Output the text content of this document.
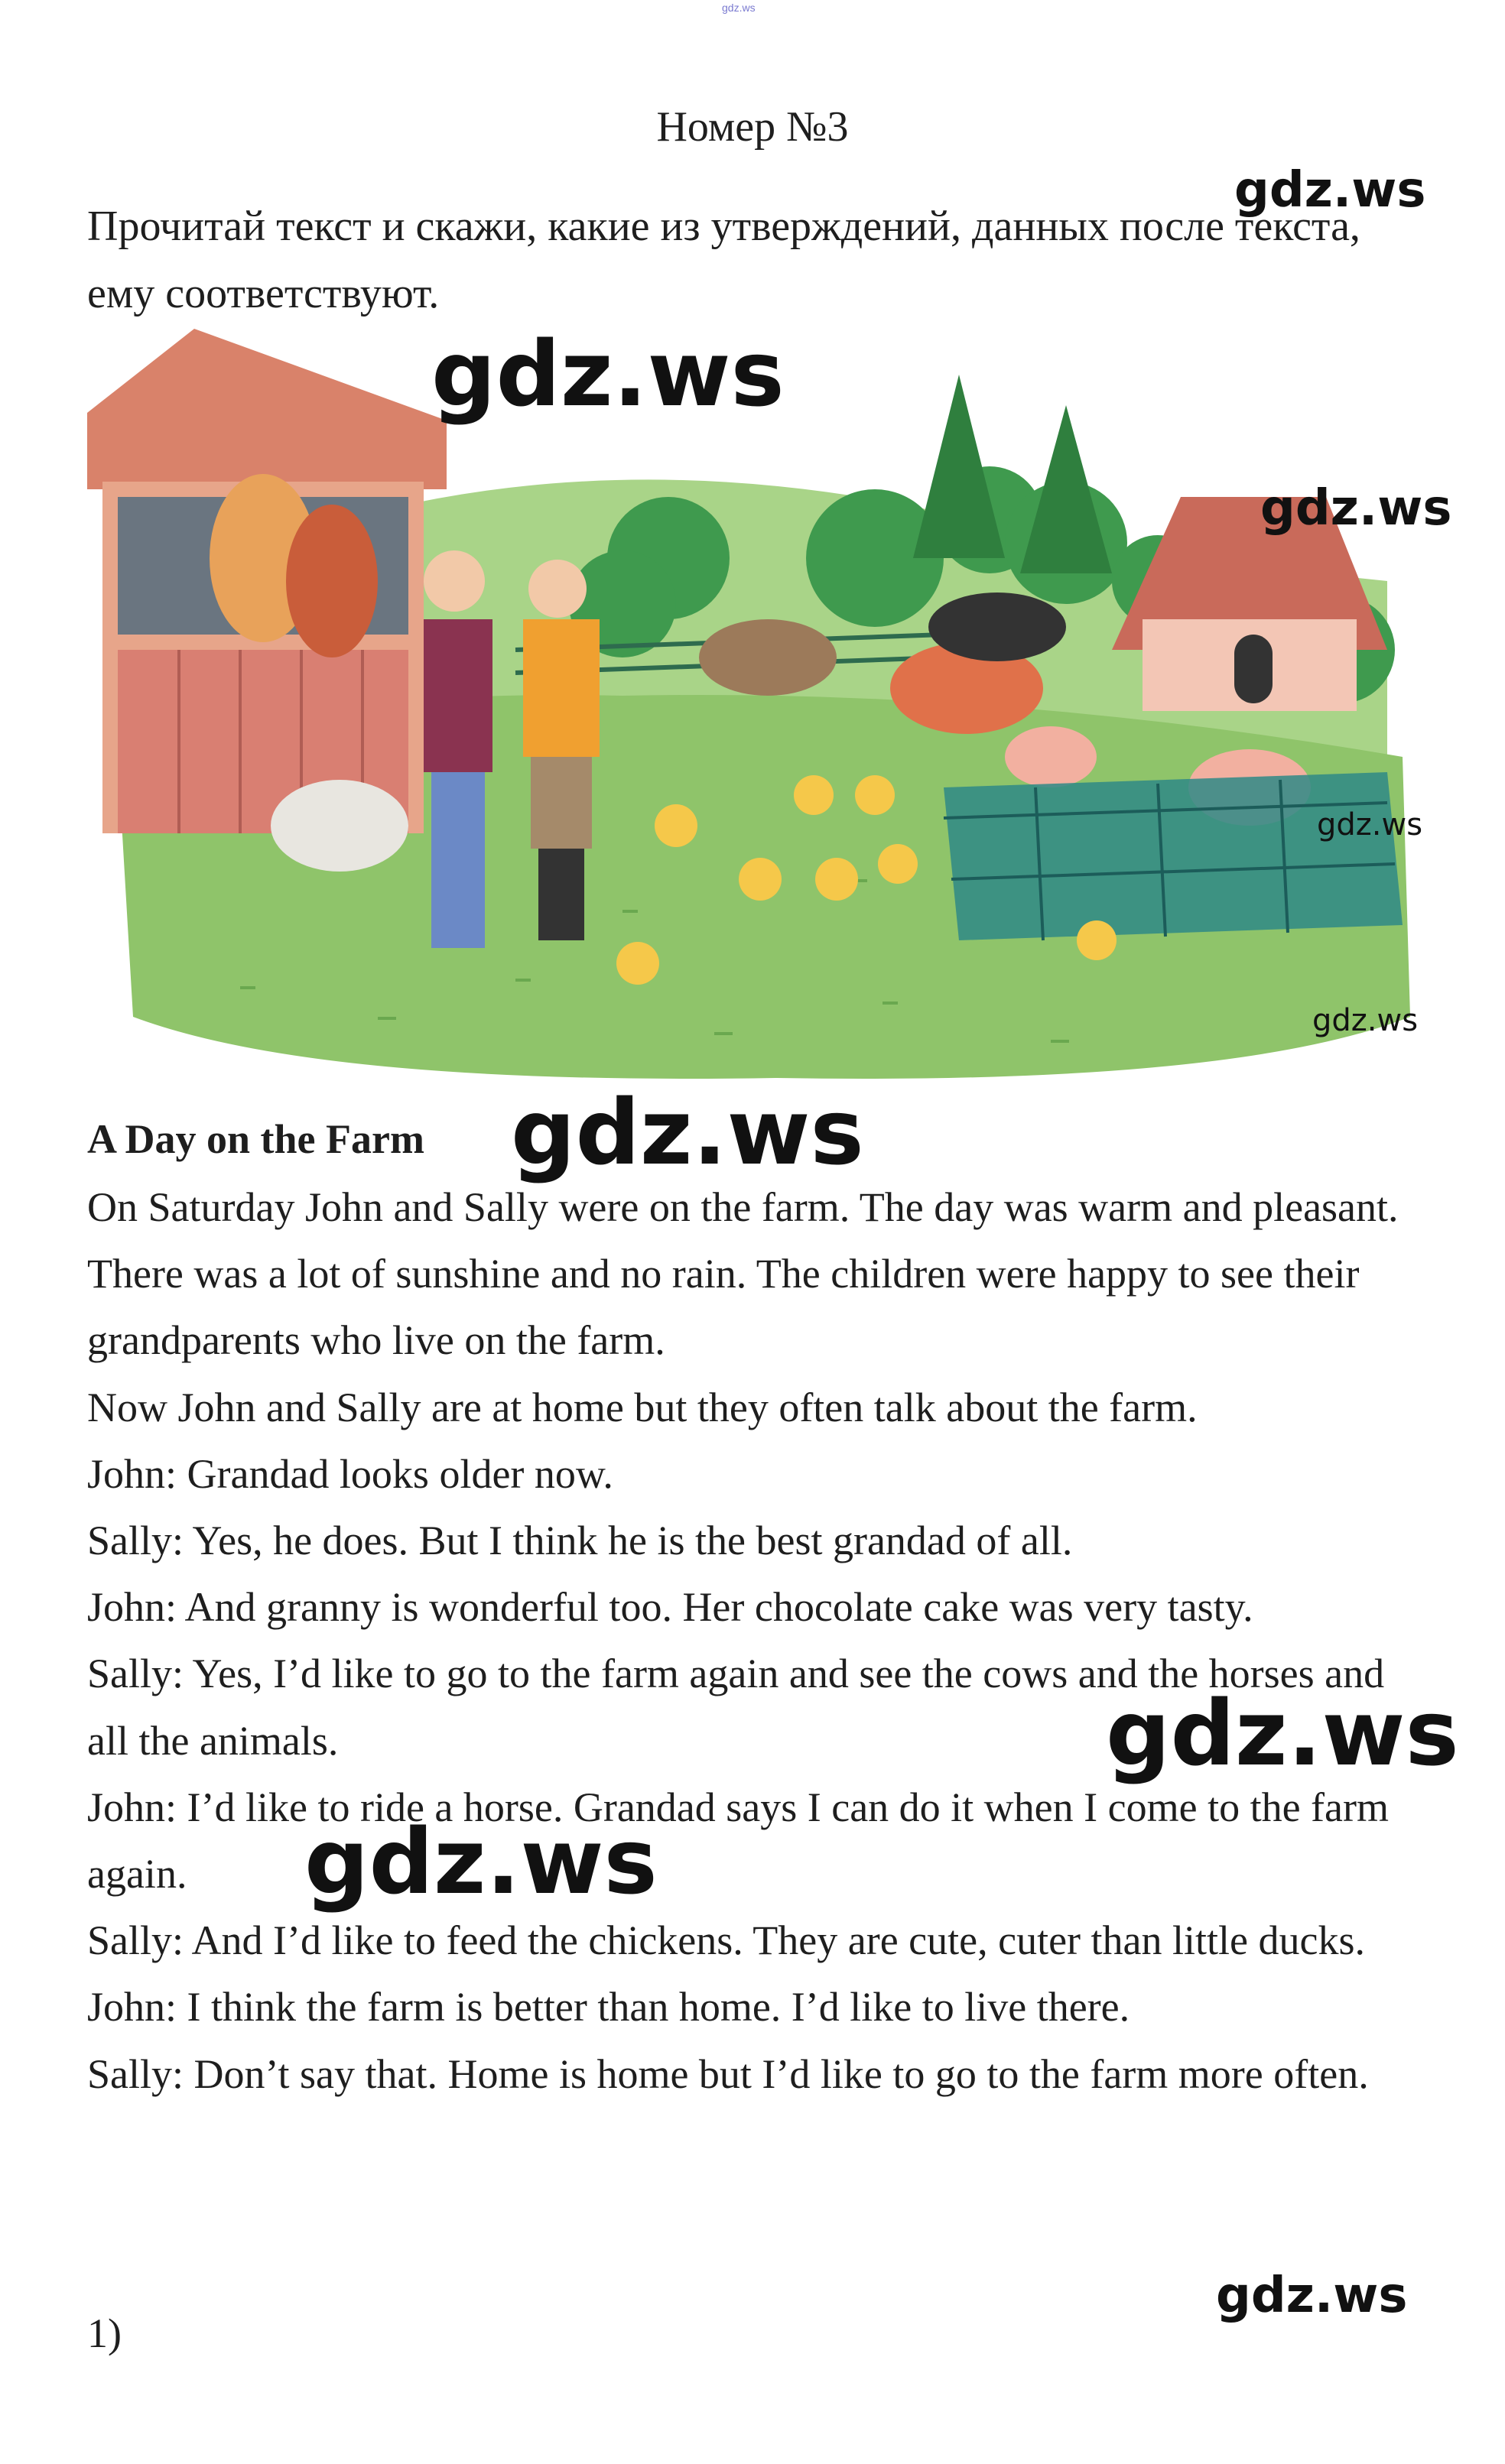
gdz.ws
Номер №3
Прочитай текст и скажи, какие из утверждений, данных после текста, ему соответствуют.
A Day on the Farm

On Saturday John and Sally were on the farm. The day was warm and pleasant. There was a lot of sunshine and no rain. The children were happy to see their grandparents who live on the farm.

Now John and Sally are at home but they often talk about the farm.

John: Grandad looks older now.

Sally: Yes, he does. But I think he is the best grandad of all.

John: And granny is wonderful too. Her chocolate cake was very tasty.

Sally: Yes, I’d like to go to the farm again and see the cows and the horses and all the animals.

John: I’d like to ride a horse. Grandad says I can do it when I come to the farm again.

Sally: And I’d like to feed the chickens. They are cute, cuter than little ducks.

John: I think the farm is better than home. I’d like to live there.

Sally: Don’t say that. Home is home but I’d like to go to the farm more often.

1)
gdz.ws
gdz.ws
gdz.ws
gdz.ws
gdz.ws
gdz.ws
gdz.ws
gdz.ws
gdz.ws
